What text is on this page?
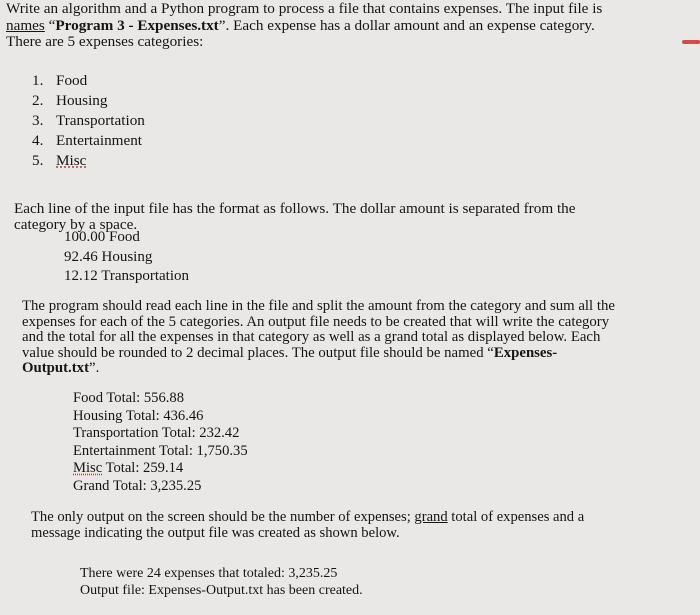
Write an algorithm and a Python program to process a file that contains expenses. The input file is
names “Program 3 - Expenses.txt”. Each expense has a dollar amount and an expense category.
There are 5 expenses categories:
1. Food
2. Housing
3. Transportation
4. Entertainment
5. Misc
Each line of the input file has the format as follows. The dollar amount is separated from the
category by a space.
100.00 Food
92.46 Housing
12.12 Transportation
The program should read each line in the file and split the amount from the category and sum all the
expenses for each of the 5 categories. An output file needs to be created that will write the category
and the total for all the expenses in that category as well as a grand total as displayed below. Each
value should be rounded to 2 decimal places. The output file should be named “Expenses-
Output.txt”.
Food Total: 556.88
Housing Total: 436.46
Transportation Total: 232.42
Entertainment Total: 1,750.35
Misc Total: 259.14
Grand Total: 3,235.25
The only output on the screen should be the number of expenses; grand total of expenses and a
message indicating the output file was created as shown below.
There were 24 expenses that totaled: 3,235.25
Output file: Expenses-Output.txt has been created.
